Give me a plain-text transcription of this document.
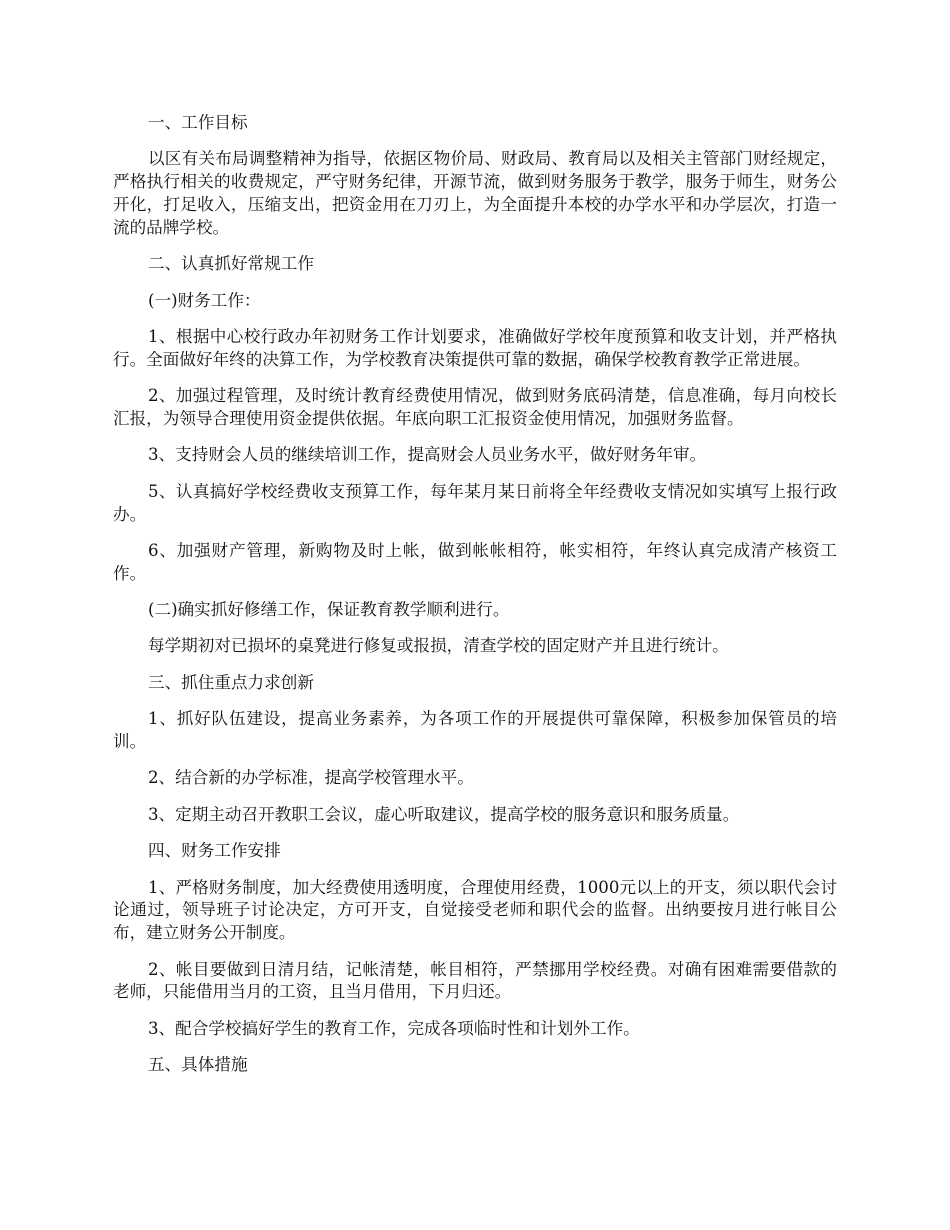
一、工作目标

以区有关布局调整精神为指导，依据区物价局、财政局、教育局以及相关主管部门财经规定，严格执行相关的收费规定，严守财务纪律，开源节流，做到财务服务于教学，服务于师生，财务公开化，打足收入，压缩支出，把资金用在刀刃上，为全面提升本校的办学水平和办学层次，打造一流的品牌学校。

二、认真抓好常规工作

(一)财务工作：

1、根据中心校行政办年初财务工作计划要求，准确做好学校年度预算和收支计划，并严格执行。全面做好年终的决算工作，为学校教育决策提供可靠的数据，确保学校教育教学正常进展。

2、加强过程管理，及时统计教育经费使用情况，做到财务底码清楚，信息准确，每月向校长汇报，为领导合理使用资金提供依据。年底向职工汇报资金使用情况，加强财务监督。

3、支持财会人员的继续培训工作，提高财会人员业务水平，做好财务年审。

5、认真搞好学校经费收支预算工作，每年某月某日前将全年经费收支情况如实填写上报行政办。

6、加强财产管理，新购物及时上帐，做到帐帐相符，帐实相符，年终认真完成清产核资工作。

(二)确实抓好修缮工作，保证教育教学顺利进行。

每学期初对已损坏的桌凳进行修复或报损，清查学校的固定财产并且进行统计。

三、抓住重点力求创新

1、抓好队伍建设，提高业务素养，为各项工作的开展提供可靠保障，积极参加保管员的培训。

2、结合新的办学标准，提高学校管理水平。

3、定期主动召开教职工会议，虚心听取建议，提高学校的服务意识和服务质量。

四、财务工作安排

1、严格财务制度，加大经费使用透明度，合理使用经费，1000元以上的开支，须以职代会讨论通过，领导班子讨论决定，方可开支，自觉接受老师和职代会的监督。出纳要按月进行帐目公布，建立财务公开制度。

2、帐目要做到日清月结，记帐清楚，帐目相符，严禁挪用学校经费。对确有困难需要借款的老师，只能借用当月的工资，且当月借用，下月归还。

3、配合学校搞好学生的教育工作，完成各项临时性和计划外工作。

五、具体措施
